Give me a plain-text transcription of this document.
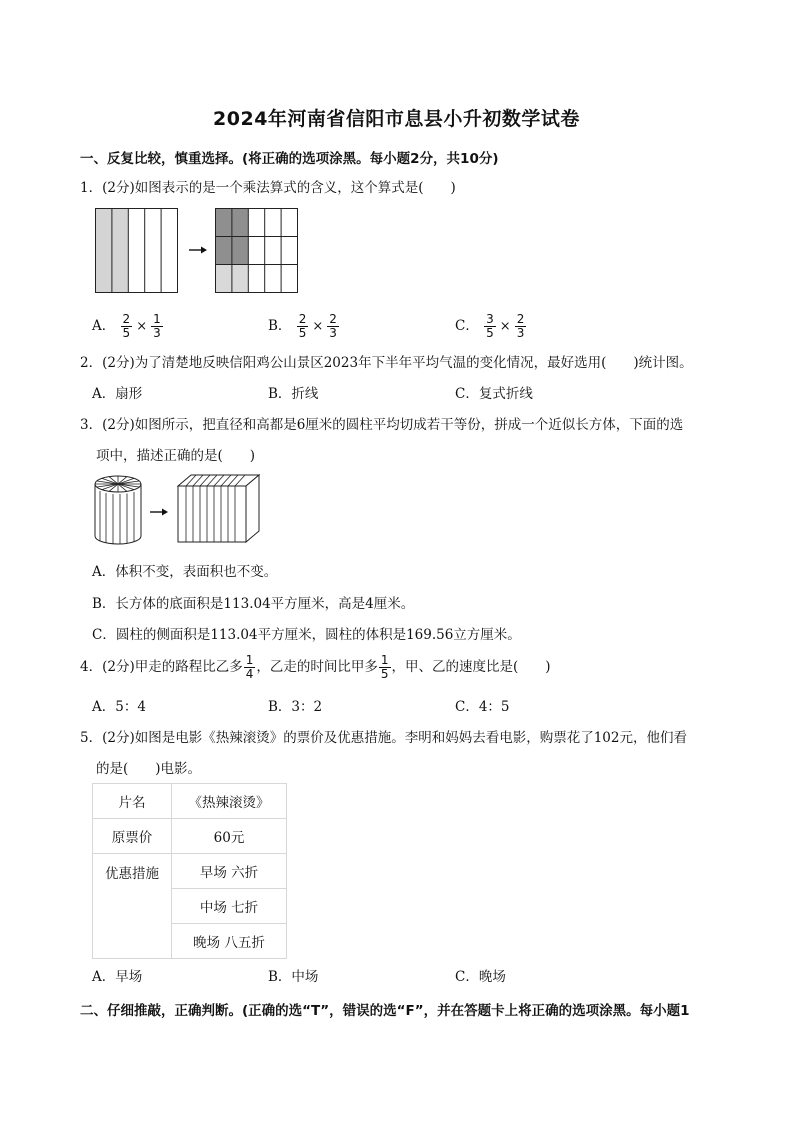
2024年河南省信阳市息县小升初数学试卷
一、反复比较，慎重选择。(将正确的选项涂黑。每小题2分，共10分)
1．(2分)如图表示的是一个乘法算式的含义，这个算式是(　　)
A． $\frac{2}{5} \times \frac{1}{3}$	B． $\frac{2}{5} \times \frac{2}{3}$	C． $\frac{3}{5} \times \frac{2}{3}$
2．(2分)为了清楚地反映信阳鸡公山景区2023年下半年平均气温的变化情况，最好选用(　　)统计图。
A．扇形	B．折线	C．复式折线
3．(2分)如图所示，把直径和高都是6厘米的圆柱平均切成若干等份，拼成一个近似长方体，下面的选
项中，描述正确的是(　　)
A．体积不变，表面积也不变。
B．长方体的底面积是113.04平方厘米，高是4厘米。
C．圆柱的侧面积是113.04平方厘米，圆柱的体积是169.56立方厘米。
4．(2分)甲走的路程比乙多 $\frac{1}{4}$ ，乙走的时间比甲多 $\frac{1}{5}$ ，甲、乙的速度比是(　　)
A．5：4	B．3：2	C．4：5
5．(2分)如图是电影《热辣滚烫》的票价及优惠措施。李明和妈妈去看电影，购票花了102元，他们看
的是(　　)电影。
片名	《热辣滚烫》
原票价	60元
优惠措施	早场 六折
	中场 七折
	晚场 八五折
A．早场	B．中场	C．晚场
二、仔细推敲，正确判断。(正确的选“T”，错误的选“F”，并在答题卡上将正确的选项涂黑。每小题1
